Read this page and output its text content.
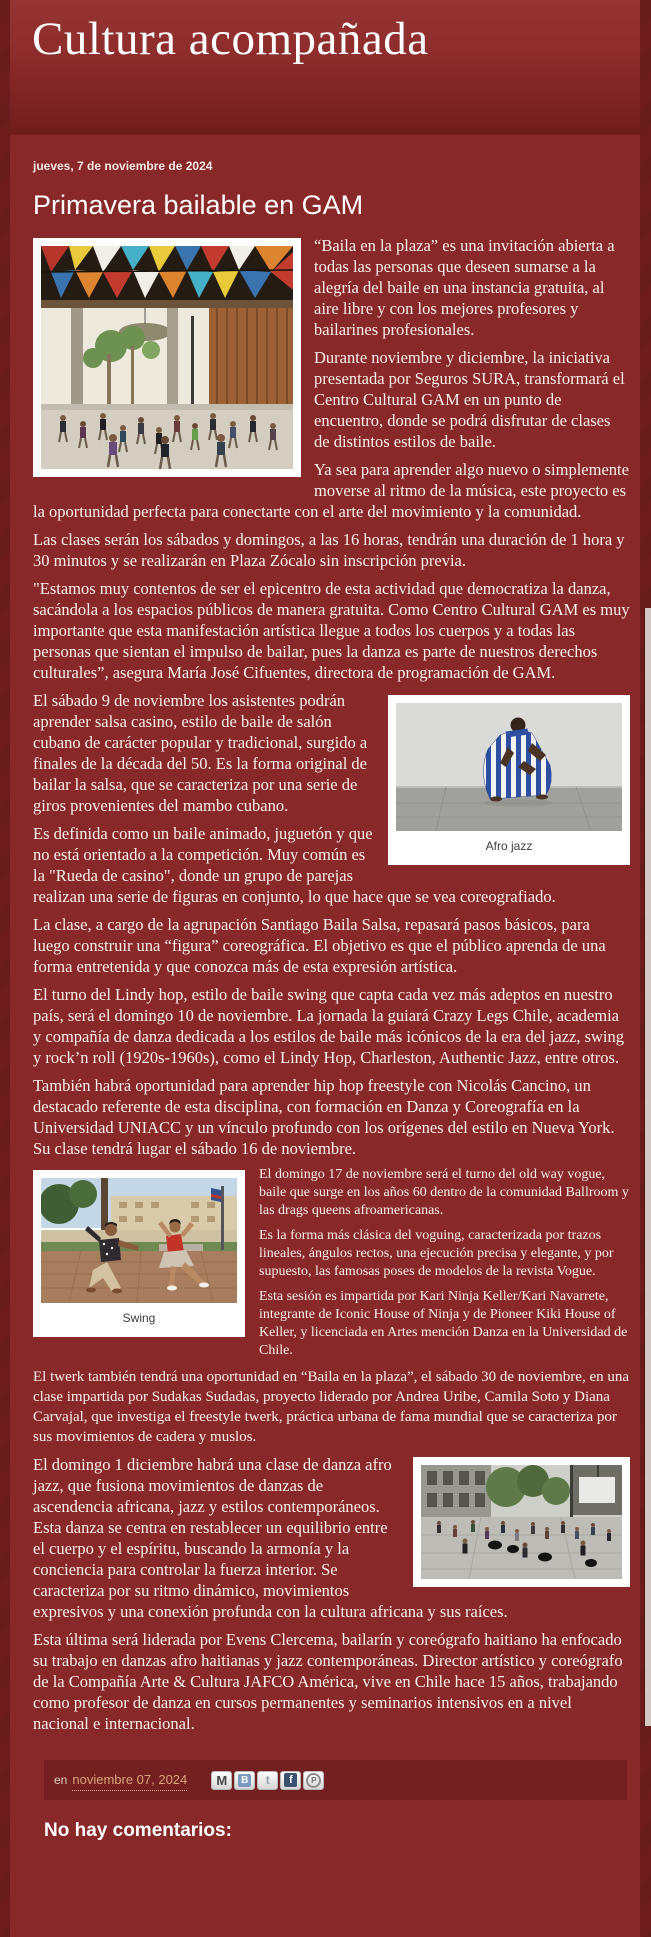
Cultura acompañada
jueves, 7 de noviembre de 2024
Primavera bailable en GAM

“Baila en la plaza” es una invitación abierta a todas las personas que deseen sumarse a la alegría del baile en una instancia gratuita, al aire libre y con los mejores profesores y bailarines profesionales.

Durante noviembre y diciembre, la iniciativa presentada por Seguros SURA, transformará el Centro Cultural GAM en un punto de encuentro, donde se podrá disfrutar de clases de distintos estilos de baile.

Ya sea para aprender algo nuevo o simplemente moverse al ritmo de la música, este proyecto es la oportunidad perfecta para conectarte con el arte del movimiento y la comunidad.

Las clases serán los sábados y domingos, a las 16 horas, tendrán una duración de 1 hora y 30 minutos y se realizarán en Plaza Zócalo sin inscripción previa.

"Estamos muy contentos de ser el epicentro de esta actividad que democratiza la danza, sacándola a los espacios públicos de manera gratuita. Como Centro Cultural GAM es muy importante que esta manifestación artística llegue a todos los cuerpos y a todas las personas que sientan el impulso de bailar, pues la danza es parte de nuestros derechos culturales”, asegura María José Cifuentes, directora de programación de GAM.

Afro jazz

El sábado 9 de noviembre los asistentes podrán aprender salsa casino, estilo de baile de salón cubano de carácter popular y tradicional, surgido a finales de la década del 50. Es la forma original de bailar la salsa, que se caracteriza por una serie de giros provenientes del mambo cubano.

Es definida como un baile animado, juguetón y que no está orientado a la competición. Muy común es la "Rueda de casino", donde un grupo de parejas realizan una serie de figuras en conjunto, lo que hace que se vea coreografiado.

La clase, a cargo de la agrupación Santiago Baila Salsa, repasará pasos básicos, para luego construir una “figura” coreográfica. El objetivo es que el público aprenda de una forma entretenida y que conozca más de esta expresión artística.

El turno del Lindy hop, estilo de baile swing que capta cada vez más adeptos en nuestro país, será el domingo 10 de noviembre. La jornada la guiará Crazy Legs Chile, academia y compañía de danza dedicada a los estilos de baile más icónicos de la era del jazz, swing y rock’n roll (1920s-1960s), como el Lindy Hop, Charleston, Authentic Jazz, entre otros.

También habrá oportunidad para aprender hip hop freestyle con Nicolás Cancino, un destacado referente de esta disciplina, con formación en Danza y Coreografía en la Universidad UNIACC y un vínculo profundo con los orígenes del estilo en Nueva York. Su clase tendrá lugar el sábado 16 de noviembre.

Swing

El domingo 17 de noviembre será el turno del old way vogue, baile que surge en los años 60 dentro de la comunidad Ballroom y las drags queens afroamericanas.

Es la forma más clásica del voguing, caracterizada por trazos lineales, ángulos rectos, una ejecución precisa y elegante, y por supuesto, las famosas poses de modelos de la revista Vogue.

Esta sesión es impartida por Kari Ninja Keller/Kari Navarrete, integrante de Iconic House of Ninja y de Pioneer Kiki House of Keller, y licenciada en Artes mención Danza en la Universidad de Chile.

El twerk también tendrá una oportunidad en “Baila en la plaza”, el sábado 30 de noviembre, en una clase impartida por Sudakas Sudadas, proyecto liderado por Andrea Uribe, Camila Soto y Diana Carvajal, que investiga el freestyle twerk, práctica urbana de fama mundial que se caracteriza por sus movimientos de cadera y muslos.

El domingo 1 diciembre habrá una clase de danza afro jazz, que fusiona movimientos de danzas de ascendencia africana, jazz y estilos contemporáneos. Esta danza se centra en restablecer un equilibrio entre el cuerpo y el espíritu, buscando la armonía y la conciencia para controlar la fuerza interior. Se caracteriza por su ritmo dinámico, movimientos expresivos y una conexión profunda con la cultura africana y sus raíces.

Esta última será liderada por Evens Clercema, bailarín y coreógrafo haitiano ha enfocado su trabajo en danzas afro haitianas y jazz contemporáneas. Director artístico y coreógrafo de la Compañía Arte & Cultura JAFCO América, vive en Chile hace 15 años, trabajando como profesor de danza en cursos permanentes y seminarios intensivos en a nivel nacional e internacional.

en noviembre 07, 2024 M B t	f	P
No hay comentarios:
